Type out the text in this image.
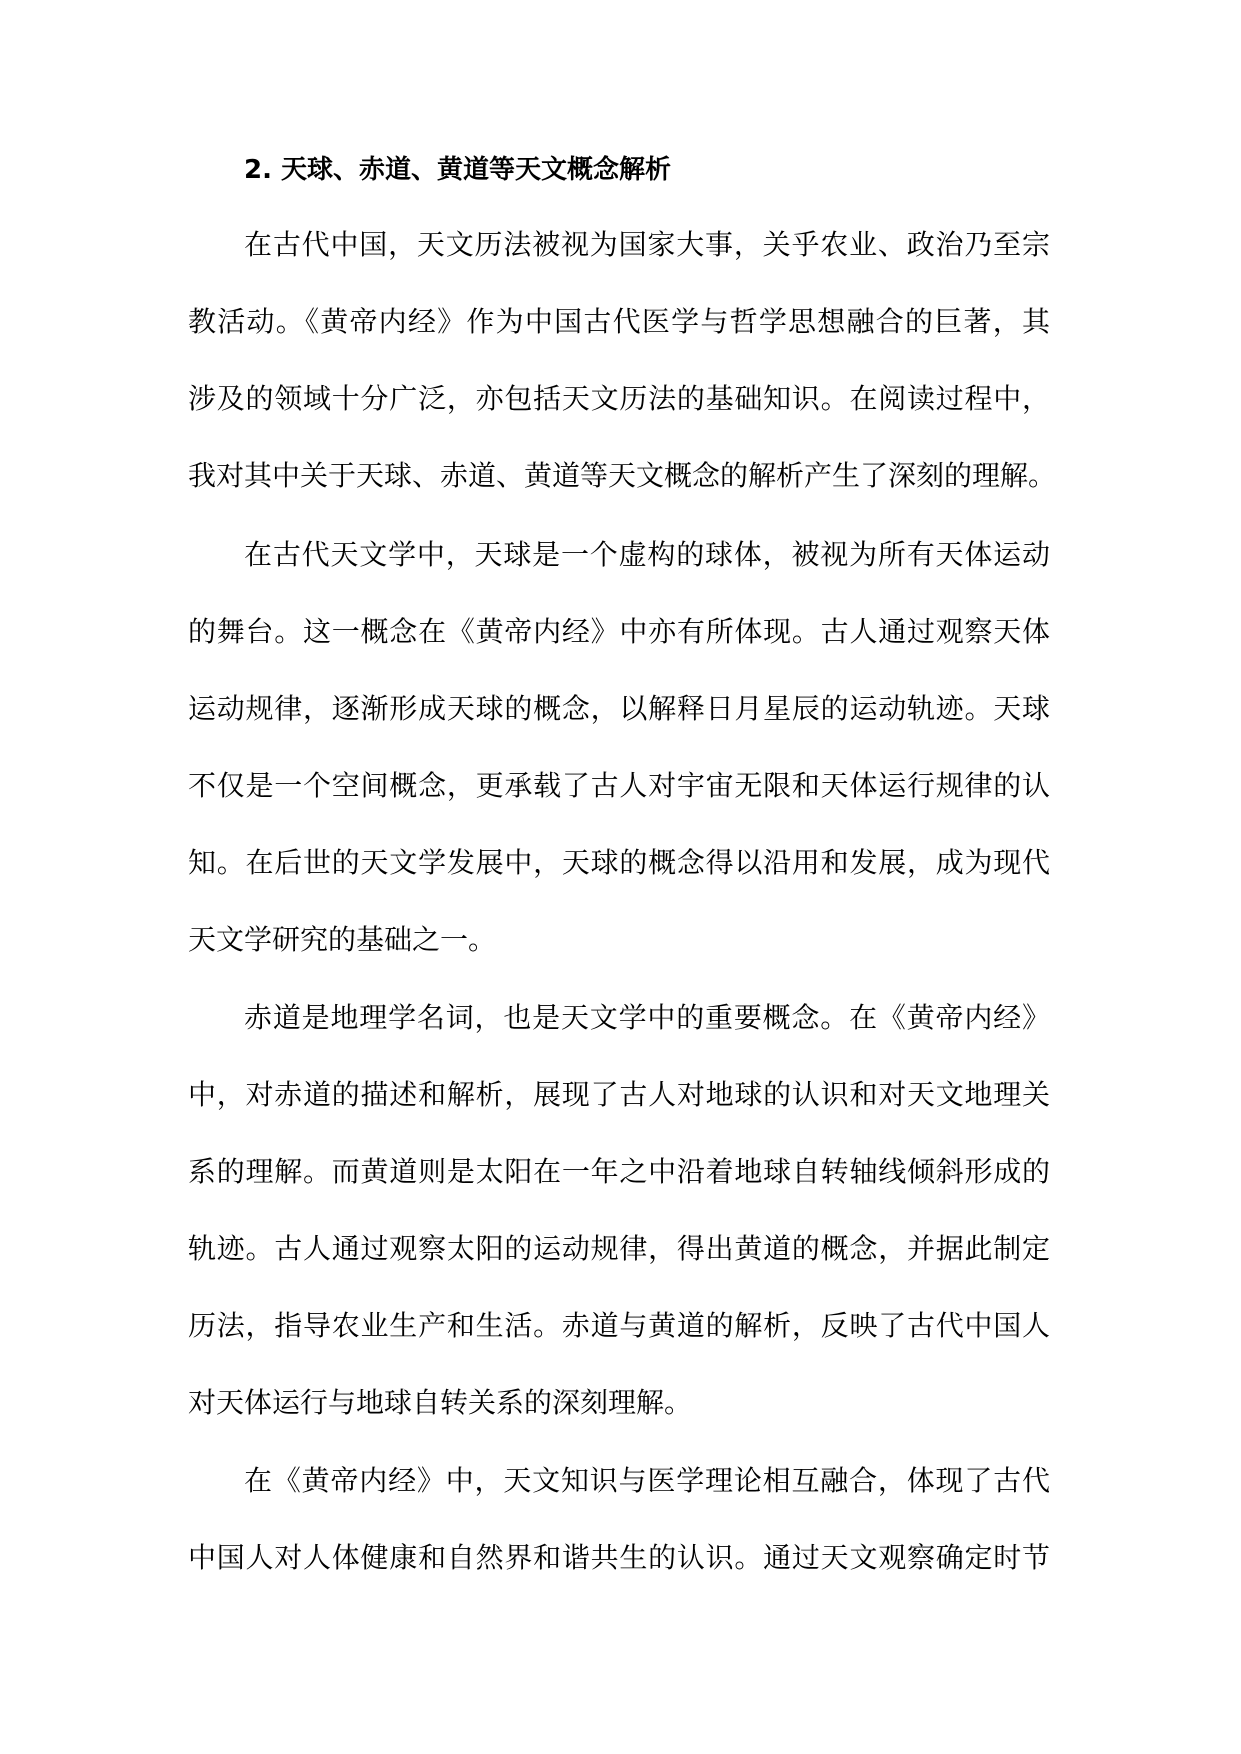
2. 天球、赤道、黄道等天文概念解析
在古代中国，天文历法被视为国家大事，关乎农业、政治乃至宗
教活动。《黄帝内经》作为中国古代医学与哲学思想融合的巨著，其
涉及的领域十分广泛，亦包括天文历法的基础知识。在阅读过程中，
我对其中关于天球、赤道、黄道等天文概念的解析产生了深刻的理解。
在古代天文学中，天球是一个虚构的球体，被视为所有天体运动
的舞台。这一概念在《黄帝内经》中亦有所体现。古人通过观察天体
运动规律，逐渐形成天球的概念，以解释日月星辰的运动轨迹。天球
不仅是一个空间概念，更承载了古人对宇宙无限和天体运行规律的认
知。在后世的天文学发展中，天球的概念得以沿用和发展，成为现代
天文学研究的基础之一。
赤道是地理学名词，也是天文学中的重要概念。在《黄帝内经》
中，对赤道的描述和解析，展现了古人对地球的认识和对天文地理关
系的理解。而黄道则是太阳在一年之中沿着地球自转轴线倾斜形成的
轨迹。古人通过观察太阳的运动规律，得出黄道的概念，并据此制定
历法，指导农业生产和生活。赤道与黄道的解析，反映了古代中国人
对天体运行与地球自转关系的深刻理解。
在《黄帝内经》中，天文知识与医学理论相互融合，体现了古代
中国人对人体健康和自然界和谐共生的认识。通过天文观察确定时节
